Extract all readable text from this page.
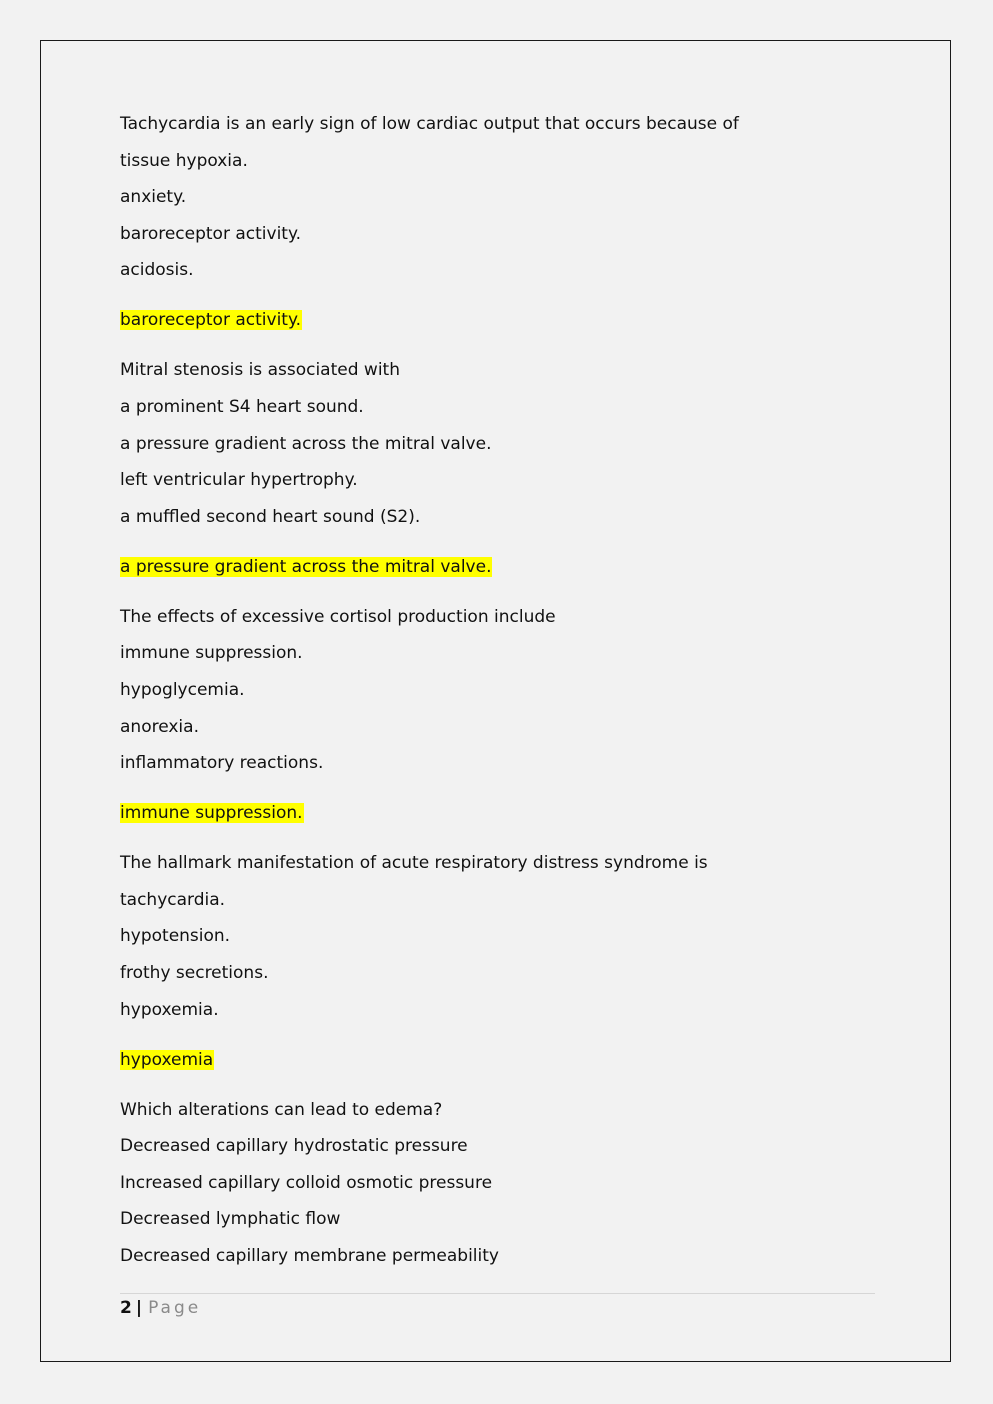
Tachycardia is an early sign of low cardiac output that occurs because of
tissue hypoxia.
anxiety.
baroreceptor activity.
acidosis.
baroreceptor activity.
Mitral stenosis is associated with
a prominent S4 heart sound.
a pressure gradient across the mitral valve.
left ventricular hypertrophy.
a muffled second heart sound (S2).
a pressure gradient across the mitral valve.
The effects of excessive cortisol production include
immune suppression.
hypoglycemia.
anorexia.
inflammatory reactions.
immune suppression.
The hallmark manifestation of acute respiratory distress syndrome is
tachycardia.
hypotension.
frothy secretions.
hypoxemia.
hypoxemia
Which alterations can lead to edema?
Decreased capillary hydrostatic pressure
Increased capillary colloid osmotic pressure
Decreased lymphatic flow
Decreased capillary membrane permeability
2 | Page
